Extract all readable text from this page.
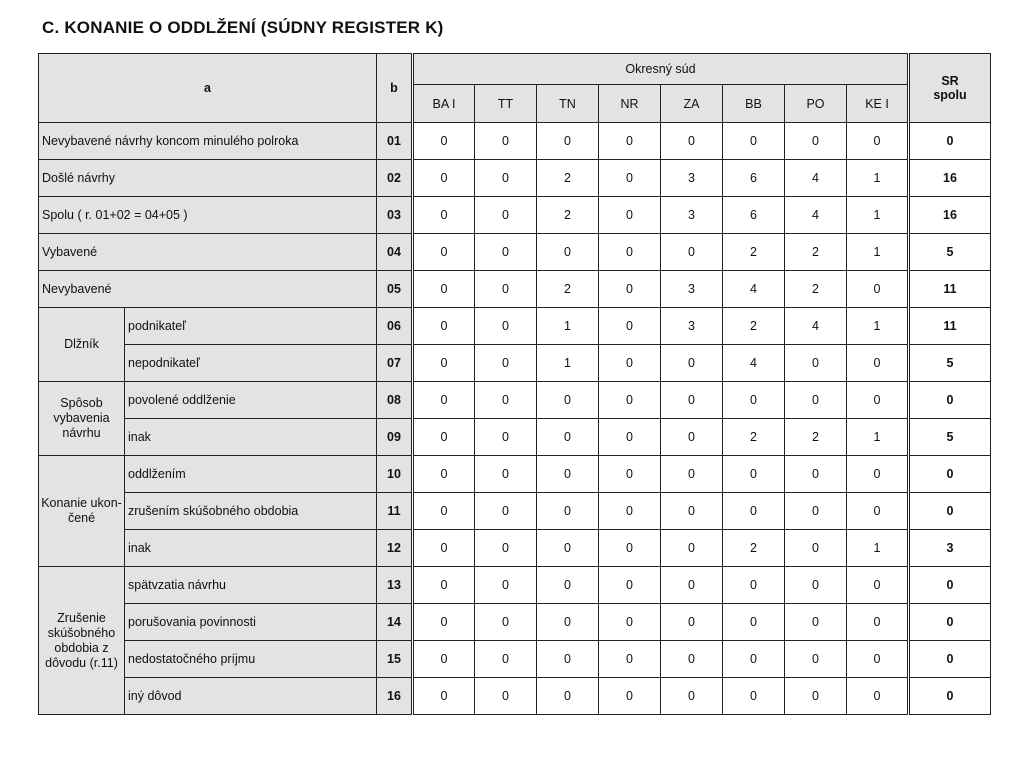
C. KONANIE O ODDLŽENÍ (SÚDNY REGISTER K)
a		b	Okresný súd								SR
spolu

			BA I	TT	TN	NR	ZA	BB	PO	KE I	
Nevybavené návrhy koncom minulého polroka		01	0	0	0	0	0	0	0	0	0
Došlé návrhy		02	0	0	2	0	3	6	4	1	16
Spolu ( r. 01+02 = 04+05 )		03	0	0	2	0	3	6	4	1	16
Vybavené		04	0	0	0	0	0	2	2	1	5
Nevybavené		05	0	0	2	0	3	4	2	0	11
Dlžník	podnikateľ	06	0	0	1	0	3	2	4	1	11
	nepodnikateľ	07	0	0	1	0	0	4	0	0	5
Spôsob vybavenia návrhu	povolené oddlženie	08	0	0	0	0	0	0	0	0	0
	inak	09	0	0	0	0	0	2	2	1	5
Konanie ukon-čené	oddlžením	10	0	0	0	0	0	0	0	0	0
	zrušením skúšobného obdobia	11	0	0	0	0	0	0	0	0	0
	inak	12	0	0	0	0	0	2	0	1	3
Zrušenie skúšobného obdobia z dôvodu (r.11)	spätvzatia návrhu	13	0	0	0	0	0	0	0	0	0
	porušovania povinnosti	14	0	0	0	0	0	0	0	0	0
	nedostatočného príjmu	15	0	0	0	0	0	0	0	0	0
	iný dôvod	16	0	0	0	0	0	0	0	0	0
